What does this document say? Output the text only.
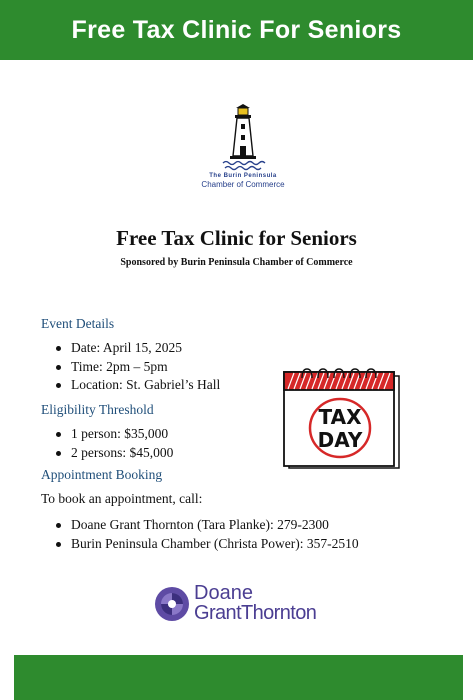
Free Tax Clinic For Seniors
The Burin Peninsula
Chamber of Commerce
Free Tax Clinic for Seniors

Sponsored by Burin Peninsula Chamber of Commerce

Event Details
Date: April 15, 2025
Time: 2pm – 5pm
Location: St. Gabriel’s Hall
Eligibility Threshold
1 person: $35,000
2 persons: $45,000
Appointment Booking

To book an appointment, call:

Doane Grant Thornton (Tara Planke): 279-2300
Burin Peninsula Chamber (Christa Power): 357-2510
TAX
DAY
Doane
GrantThornton
